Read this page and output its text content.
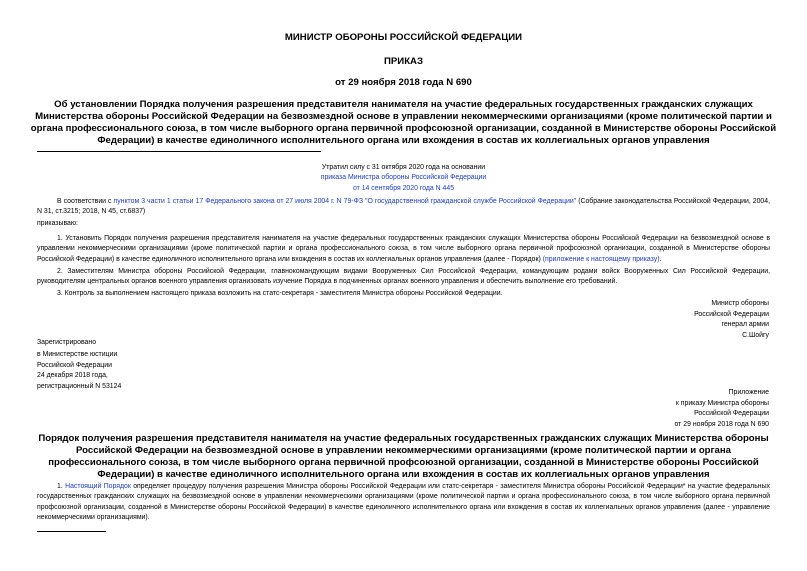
МИНИСТР ОБОРОНЫ РОССИЙСКОЙ ФЕДЕРАЦИИ
ПРИКАЗ
от 29 ноября 2018 года N 690
Об установлении Порядка получения разрешения представителя нанимателя на участие федеральных государственных гражданских служащих Министерства обороны Российской Федерации на безвозмездной основе в управлении некоммерческими организациями (кроме политической партии и органа профессионального союза, в том числе выборного органа первичной профсоюзной организации, созданной в Министерстве обороны Российской Федерации) в качестве единоличного исполнительного органа или вхождения в состав их коллегиальных органов управления
Утратил силу с 31 октября 2020 года на основании
приказа Министра обороны Российской Федерации
от 14 сентября 2020 года N 445
В соответствии с пунктом 3 части 1 статьи 17 Федерального закона от 27 июля 2004 г. N 79-ФЗ "О государственной гражданской службе Российской Федерации" (Собрание законодательства Российской Федерации, 2004, N 31, ст.3215; 2018, N 45, ст.6837)
приказываю:
1. Установить Порядок получения разрешения представителя нанимателя на участие федеральных государственных гражданских служащих Министерства обороны Российской Федерации на безвозмездной основе в управлении некоммерческими организациями (кроме политической партии и органа профессионального союза, в том числе выборного органа первичной профсоюзной организации, созданной в Министерстве обороны Российской Федерации) в качестве единоличного исполнительного органа или вхождения в состав их коллегиальных органов управления (далее - Порядок) (приложение к настоящему приказу).
2. Заместителям Министра обороны Российской Федерации, главнокомандующим видами Вооруженных Сил Российской Федерации, командующим родами войск Вооруженных Сил Российской Федерации, руководителям центральных органов военного управления организовать изучение Порядка в подчиненных органах военного управления и обеспечить выполнение его требований.
3. Контроль за выполнением настоящего приказа возложить на статс-секретаря - заместителя Министра обороны Российской Федерации.
Министр обороны
Российской Федерации
генерал армии
С.Шойгу
Зарегистрировано
в Министерстве юстиции
Российской Федерации
24 декабря 2018 года,
регистрационный N 53124
Приложение
к приказу Министра обороны
Российской Федерации
от 29 ноября 2018 года N 690
Порядок получения разрешения представителя нанимателя на участие федеральных государственных гражданских служащих Министерства обороны Российской Федерации на безвозмездной основе в управлении некоммерческими организациями (кроме политической партии и органа профессионального союза, в том числе выборного органа первичной профсоюзной организации, созданной в Министерстве обороны Российской Федерации) в качестве единоличного исполнительного органа или вхождения в состав их коллегиальных органов управления
1. Настоящий Порядок определяет процедуру получения разрешения Министра обороны Российской Федерации или статс-секретаря - заместителя Министра обороны Российской Федерации* на участие федеральных государственных гражданских служащих на безвозмездной основе в управлении некоммерческими организациями (кроме политической партии и органа профессионального союза, в том числе выборного органа первичной профсоюзной организации, созданной в Министерстве обороны Российской Федерации) в качестве единоличного исполнительного органа или вхождения в состав их коллегиальных органов управления (далее - управление некоммерческими организациями).
